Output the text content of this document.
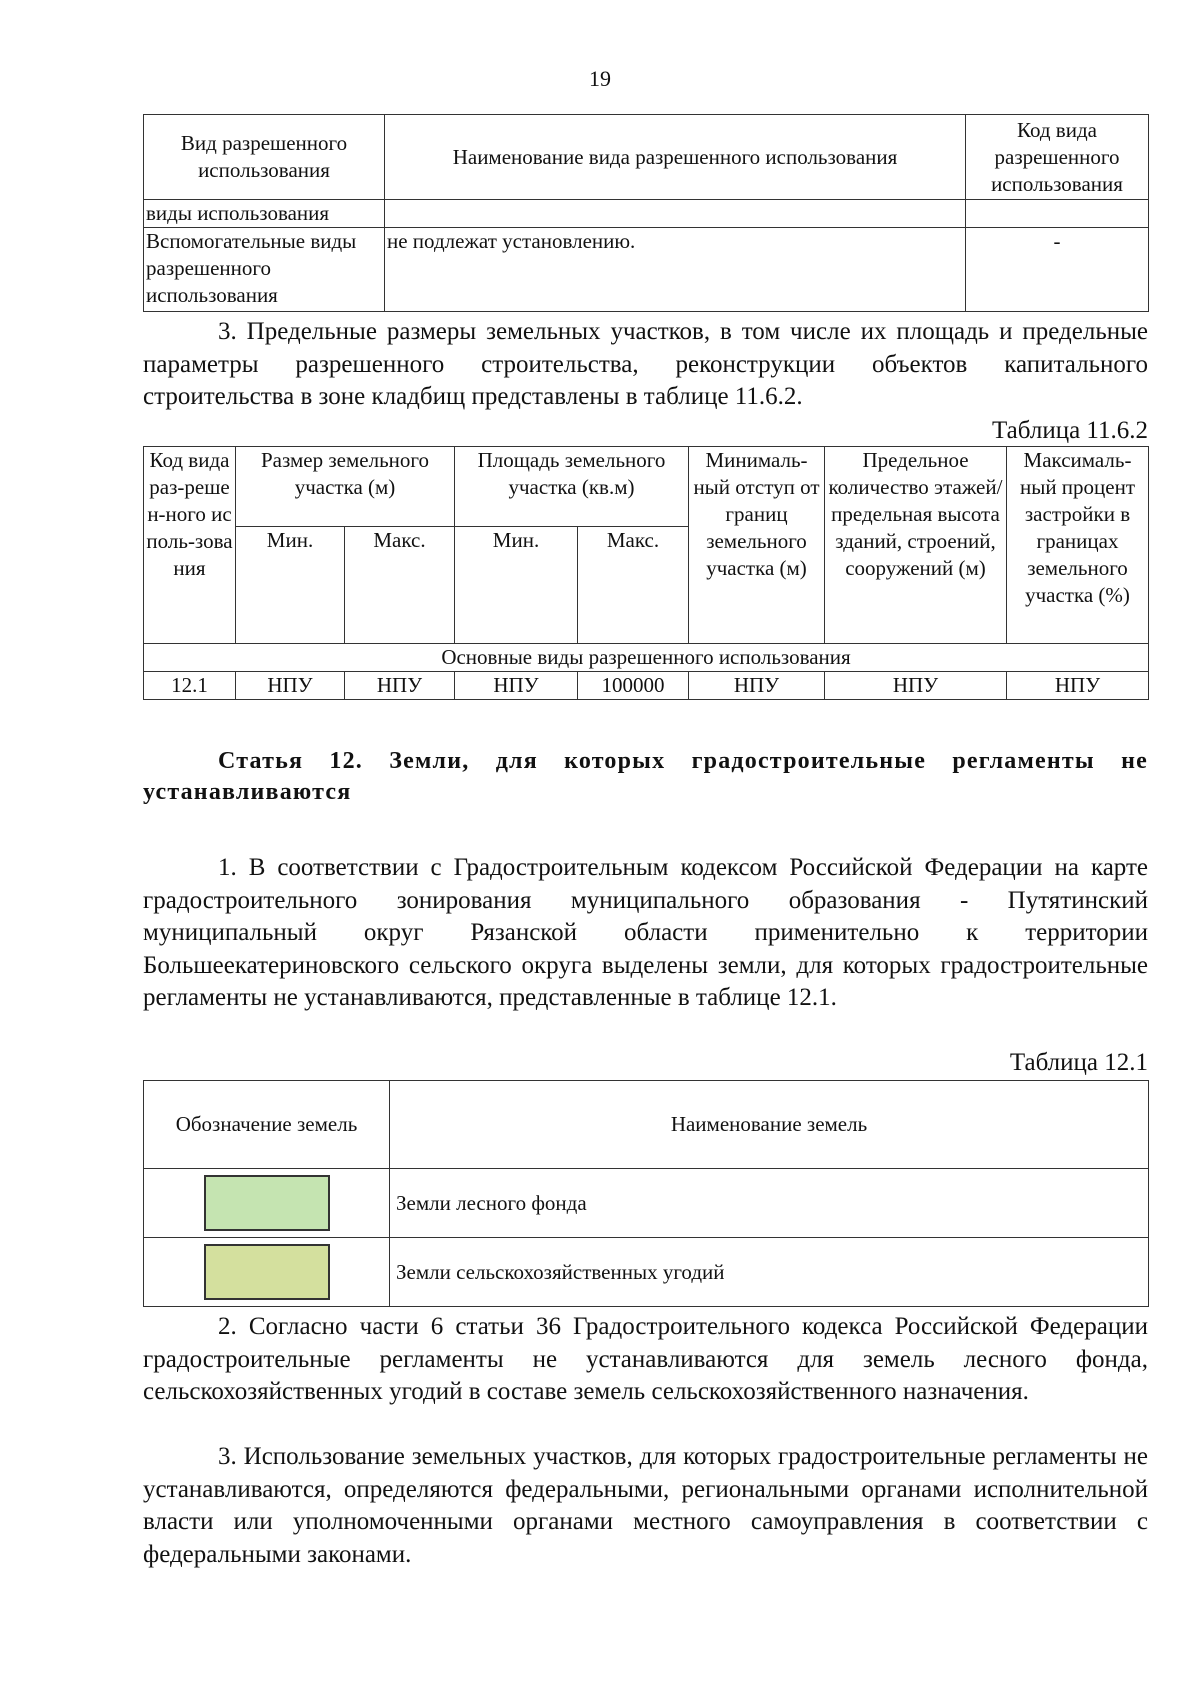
19
Вид разрешенного использования	Наименование вида разрешенного использования	Код вида разрешенного использования
виды использования		
Вспомогательные виды разрешенного использования	не подлежат установлению.	-

3. Предельные размеры земельных участков, в том числе их площадь и предельные параметры разрешенного строительства, реконструкции объектов капитального строительства в зоне кладбищ представлены в таблице 11.6.2.

Таблица 11.6.2

Код вида раз-решен-ного исполь-зования	Размер земельного участка (м)		Площадь земельного участка (кв.м)		Минималь-ный отступ от границ земельного участка (м)	Предельное количество этажей/ предельная высота зданий, строений, сооружений (м)	Максималь-ный процент застройки в границах земельного участка (%)
	Мин.	Макс.	Мин.	Макс.			
Основные виды разрешенного использования							
12.1	НПУ	НПУ	НПУ	100000	НПУ	НПУ	НПУ

Статья 12. Земли, для которых градостроительные регламенты не устанавливаются

1. В соответствии с Градостроительным кодексом Российской Федерации на карте градостроительного зонирования муниципального образования - Путятинский муниципальный округ Рязанской области применительно к территории Большеекатериновского сельского округа выделены земли, для которых градостроительные регламенты не устанавливаются, представленные в таблице 12.1.

Таблица 12.1

Обозначение земель	Наименование земель

	Земли лесного фонда

	Земли сельскохозяйственных угодий

2. Согласно части 6 статьи 36 Градостроительного кодекса Российской Федерации градостроительные регламенты не устанавливаются для земель лесного фонда, сельскохозяйственных угодий в составе земель сельскохозяйственного назначения.

3. Использование земельных участков, для которых градостроительные регламенты не устанавливаются, определяются федеральными, региональными органами исполнительной власти или уполномоченными органами местного самоуправления в соответствии с федеральными законами.
